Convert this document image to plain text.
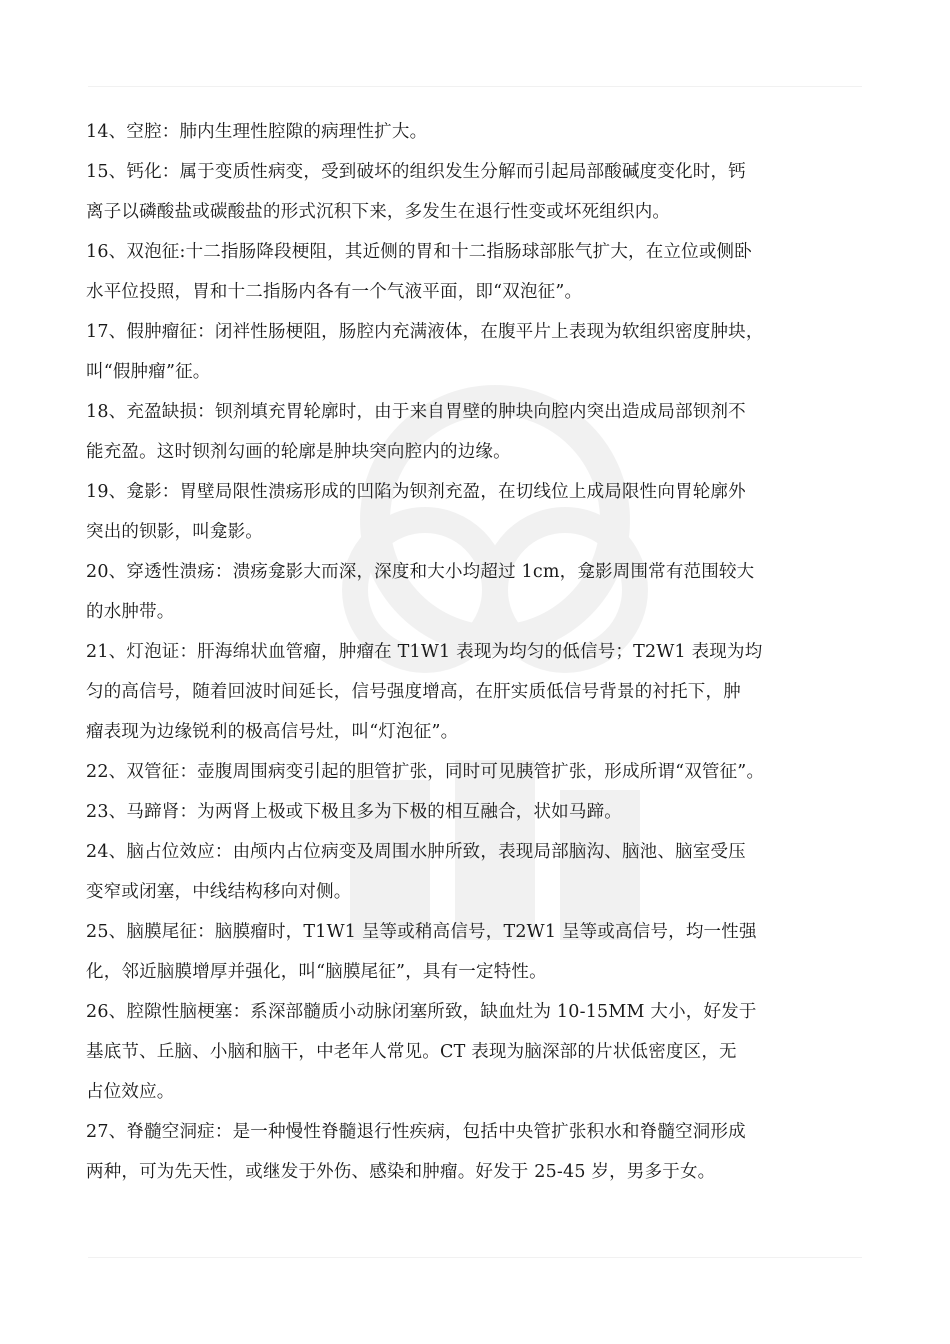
14、空腔：肺内生理性腔隙的病理性扩大。

15、钙化：属于变质性病变，受到破坏的组织发生分解而引起局部酸碱度变化时，钙
离子以磷酸盐或碳酸盐的形式沉积下来，多发生在退行性变或坏死组织内。

16、双泡征:十二指肠降段梗阻，其近侧的胃和十二指肠球部胀气扩大，在立位或侧卧
水平位投照，胃和十二指肠内各有一个气液平面，即“双泡征”。

17、假肿瘤征：闭袢性肠梗阻，肠腔内充满液体，在腹平片上表现为软组织密度肿块，
叫“假肿瘤”征。

18、充盈缺损：钡剂填充胃轮廓时，由于来自胃壁的肿块向腔内突出造成局部钡剂不
能充盈。这时钡剂勾画的轮廓是肿块突向腔内的边缘。

19、龛影：胃壁局限性溃疡形成的凹陷为钡剂充盈，在切线位上成局限性向胃轮廓外
突出的钡影，叫龛影。

20、穿透性溃疡：溃疡龛影大而深，深度和大小均超过 1cm，龛影周围常有范围较大
的水肿带。

21、灯泡证：肝海绵状血管瘤，肿瘤在 T1W1 表现为均匀的低信号；T2W1 表现为均
匀的高信号，随着回波时间延长，信号强度增高，在肝实质低信号背景的衬托下，肿
瘤表现为边缘锐利的极高信号灶，叫“灯泡征”。

22、双管征：壶腹周围病变引起的胆管扩张，同时可见胰管扩张，形成所谓“双管征”。

23、马蹄肾：为两肾上极或下极且多为下极的相互融合，状如马蹄。

24、脑占位效应：由颅内占位病变及周围水肿所致，表现局部脑沟、脑池、脑室受压
变窄或闭塞，中线结构移向对侧。

25、脑膜尾征：脑膜瘤时，T1W1 呈等或稍高信号，T2W1 呈等或高信号，均一性强
化，邻近脑膜增厚并强化，叫“脑膜尾征”，具有一定特性。

26、腔隙性脑梗塞：系深部髓质小动脉闭塞所致，缺血灶为 10-15MM 大小，好发于
基底节、丘脑、小脑和脑干，中老年人常见。CT 表现为脑深部的片状低密度区，无
占位效应。

27、脊髓空洞症：是一种慢性脊髓退行性疾病，包括中央管扩张积水和脊髓空洞形成
两种，可为先天性，或继发于外伤、感染和肿瘤。好发于 25-45 岁，男多于女。
